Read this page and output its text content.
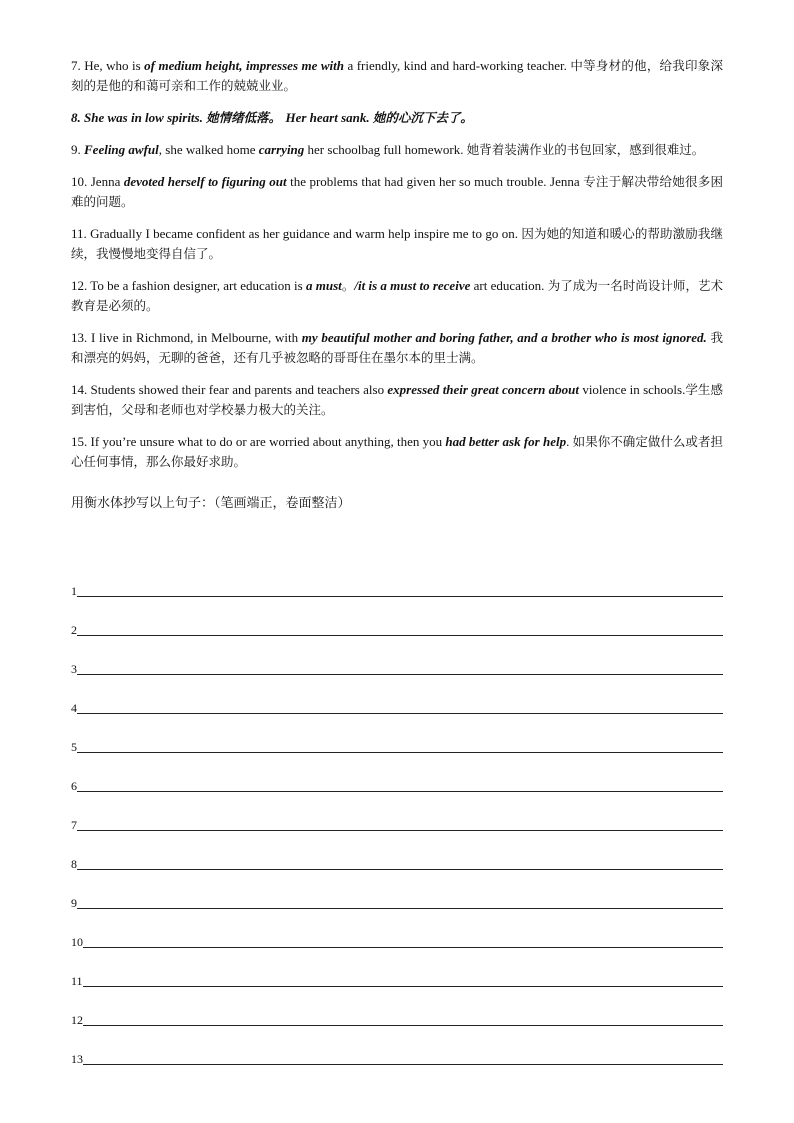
7. He, who is of medium height, impresses me with a friendly, kind and hard-working teacher. 中等身材的他，给我印象深刻的是他的和蔼可亲和工作的兢兢业业。

8. She was in low spirits. 她情绪低落。 Her heart sank. 她的心沉下去了。

9. Feeling awful, she walked home carrying her schoolbag full homework. 她背着装满作业的书包回家，感到很难过。

10. Jenna devoted herself to figuring out the problems that had given her so much trouble. Jenna 专注于解决带给她很多困难的问题。

11. Gradually I became confident as her guidance and warm help inspire me to go on. 因为她的知道和暖心的帮助激励我继续，我慢慢地变得自信了。

12. To be a fashion designer, art education is a must。/it is a must to receive art education. 为了成为一名时尚设计师，艺术教育是必须的。

13. I live in Richmond, in Melbourne, with my beautiful mother and boring father, and a brother who is most ignored. 我和漂亮的妈妈，无聊的爸爸，还有几乎被忽略的哥哥住在墨尔本的里士满。

14. Students showed their fear and parents and teachers also expressed their great concern about violence in schools.学生感到害怕，父母和老师也对学校暴力极大的关注。

15. If you’re unsure what to do or are worried about anything, then you had better ask for help. 如果你不确定做什么或者担心任何事情，那么你最好求助。

用衡水体抄写以上句子：（笔画端正，卷面整洁）

1
2
3
4
5
6
7
8
9
10
11
12
13
